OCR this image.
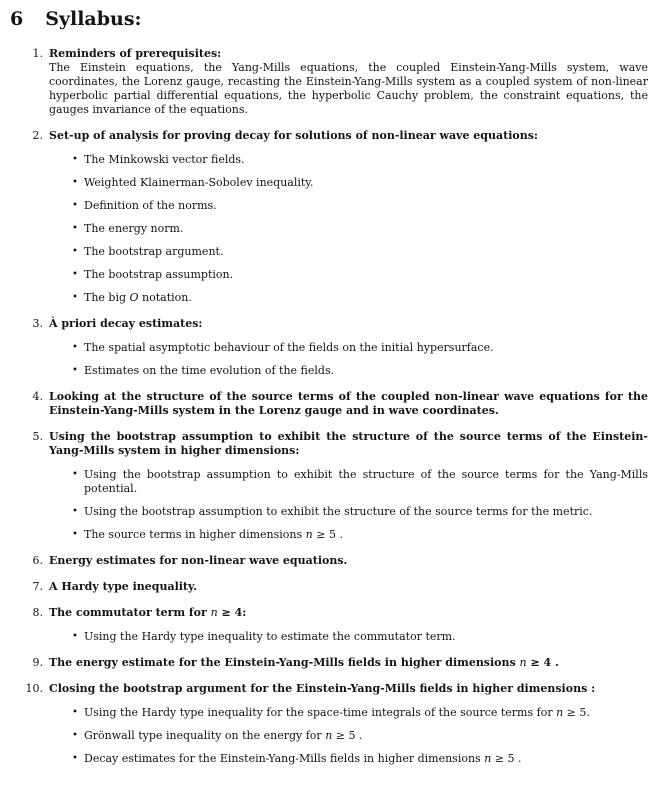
6 Syllabus:
1. Reminders of prerequisites:

The Einstein equations, the Yang-Mills equations, the coupled Einstein-Yang-Mills system, wave coordinates, the Lorenz gauge, recasting the Einstein-Yang-Mills system as a coupled system of non-linear hyperbolic partial differential equations, the hyperbolic Cauchy problem, the constraint equations, the gauges invariance of the equations.

2. Set-up of analysis for proving decay for solutions of non-linear wave equations:
• The Minkowski vector fields.
• Weighted Klainerman-Sobolev inequality.
• Definition of the norms.
• The energy norm.
• The bootstrap argument.
• The bootstrap assumption.
• The big O notation.
3. À priori decay estimates:
• The spatial asymptotic behaviour of the fields on the initial hypersurface.
• Estimates on the time evolution of the fields.
4. Looking at the structure of the source terms of the coupled non-linear wave equations for the Einstein-Yang-Mills system in the Lorenz gauge and in wave coordinates.
5. Using the bootstrap assumption to exhibit the structure of the source terms of the Einstein-Yang-Mills system in higher dimensions:
• Using the bootstrap assumption to exhibit the structure of the source terms for the Yang-Mills potential.
• Using the bootstrap assumption to exhibit the structure of the source terms for the metric.
• The source terms in higher dimensions n ≥ 5 .
6. Energy estimates for non-linear wave equations.
7. A Hardy type inequality.
8. The commutator term for n ≥ 4:
• Using the Hardy type inequality to estimate the commutator term.
9. The energy estimate for the Einstein-Yang-Mills fields in higher dimensions n ≥ 4 .
10. Closing the bootstrap argument for the Einstein-Yang-Mills fields in higher dimensions :
• Using the Hardy type inequality for the space-time integrals of the source terms for n ≥ 5.
• Grönwall type inequality on the energy for n ≥ 5 .
• Decay estimates for the Einstein-Yang-Mills fields in higher dimensions n ≥ 5 .
